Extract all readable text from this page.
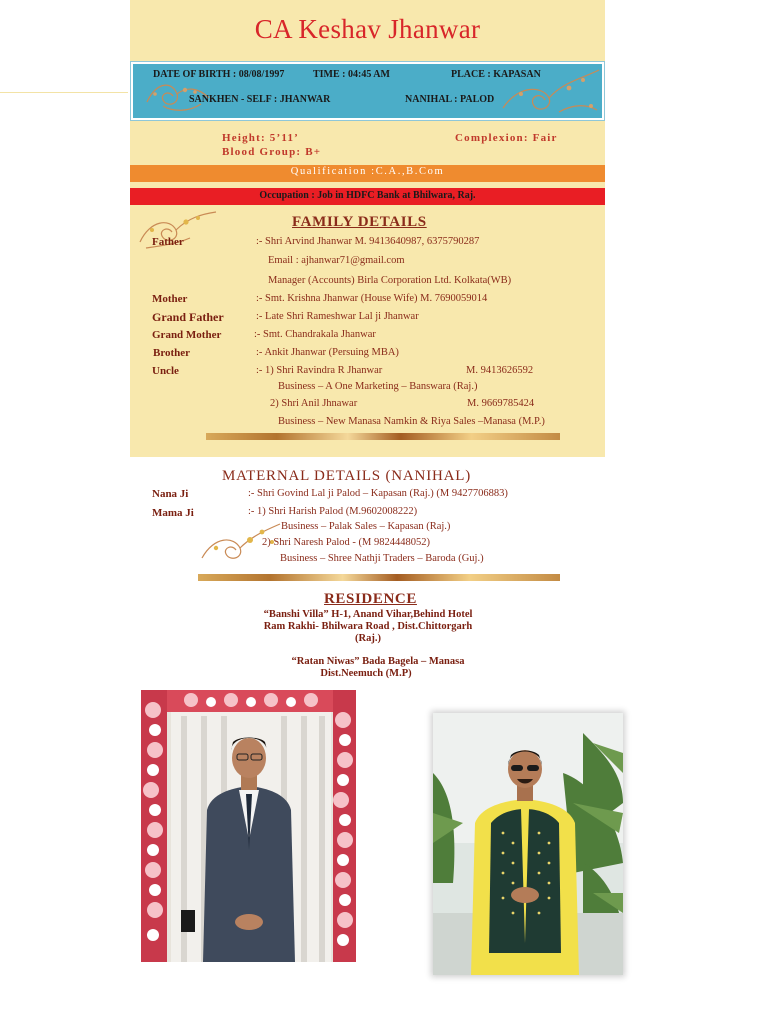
CA Keshav Jhanwar
DATE OF BIRTH : 08/08/1997	TIME : 04:45 AM	PLACE : KAPASAN
SANKHEN - SELF : JHANWAR	NANIHAL : PALOD
Height: 5’11’	Complexion: Fair
Blood Group: B+
Qualification :C.A.,B.Com
Occupation : Job in HDFC Bank at Bhilwara, Raj.
FAMILY DETAILS
Father	:- Shri Arvind Jhanwar M. 9413640987, 6375790287
Email : ajhanwar71@gmail.com
Manager (Accounts) Birla Corporation Ltd. Kolkata(WB)
Mother	:- Smt. Krishna Jhanwar (House Wife) M. 7690059014
Grand Father	:- Late Shri Rameshwar Lal ji Jhanwar
Grand Mother	:- Smt. Chandrakala Jhanwar
Brother	:- Ankit Jhanwar (Persuing MBA)
Uncle	:- 1) Shri Ravindra R Jhanwar	M. 9413626592
Business – A One Marketing – Banswara (Raj.)
2) Shri Anil Jhnawar	M. 9669785424
Business – New Manasa Namkin & Riya Sales –Manasa (M.P.)
MATERNAL DETAILS (NANIHAL)
Nana Ji	:- Shri Govind Lal ji Palod – Kapasan (Raj.) (M 9427706883)
Mama Ji	:- 1) Shri Harish Palod (M.9602008222)
Business – Palak Sales – Kapasan (Raj.)
2) Shri Naresh Palod - (M 9824448052)
Business – Shree Nathji Traders – Baroda (Guj.)
RESIDENCE
“Banshi Villa” H-1, Anand Vihar,Behind Hotel
Ram Rakhi- Bhilwara Road , Dist.Chittorgarh
(Raj.)
“Ratan Niwas” Bada Bagela – Manasa
Dist.Neemuch (M.P)
